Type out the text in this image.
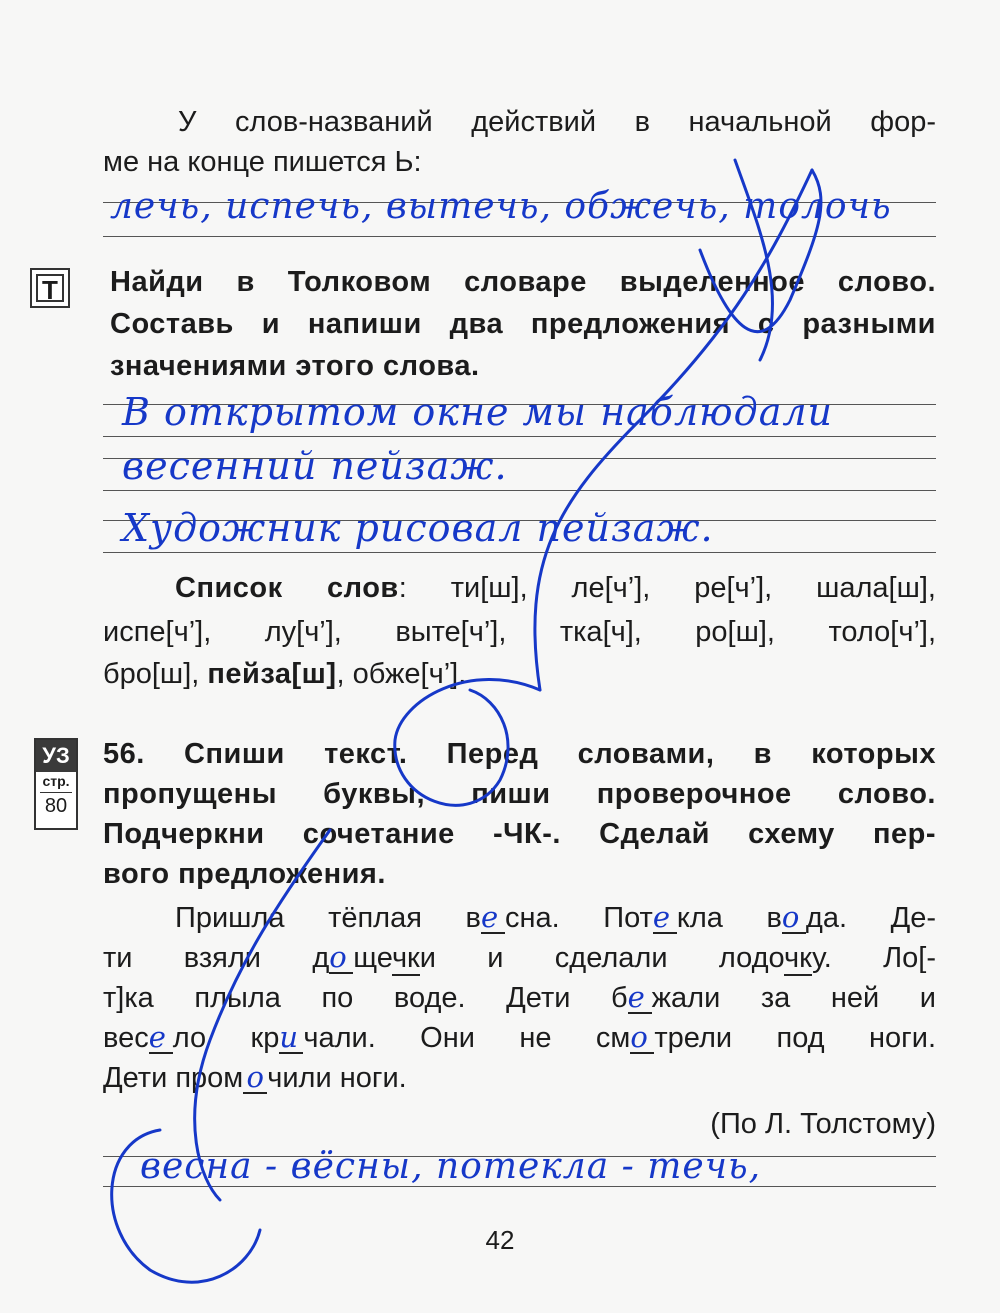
У слов-названий действий в начальной фор-
ме на конце пишется Ь:
лечь, испечь, вытечь, обжечь, толочь
Т Найди в Толковом словаре выделенное слово.
Составь и напиши два предложения с разными
значениями этого слова.
В открытом окне мы наблюдали
весенний пейзаж.
Художник рисовал пейзаж.
Список слов: ти[ш], ле[ч’], ре[ч’], шала[ш],
испе[ч’], лу[ч’], выте[ч’], тка[ч], ро[ш], толо[ч’],
бро[ш], пейза[ш], обже[ч’].
УЗ
стр.
80
56. Спиши текст. Перед словами, в которых
пропущены буквы, пиши проверочное слово.
Подчеркни сочетание -ЧК-. Сделай схему пер-
вого предложения.
Пришла тёплая ве сна. Поте кла во да. Де-
ти взяли до щечки и сделали лодочку. Ло[-
т]ка плыла по воде. Дети бе жали за ней и
весе ло кри чали. Они не смо трели под ноги.
Дети пром о чили ноги.
(По Л. Толстому)
весна - вёсны, потекла - течь,
42
